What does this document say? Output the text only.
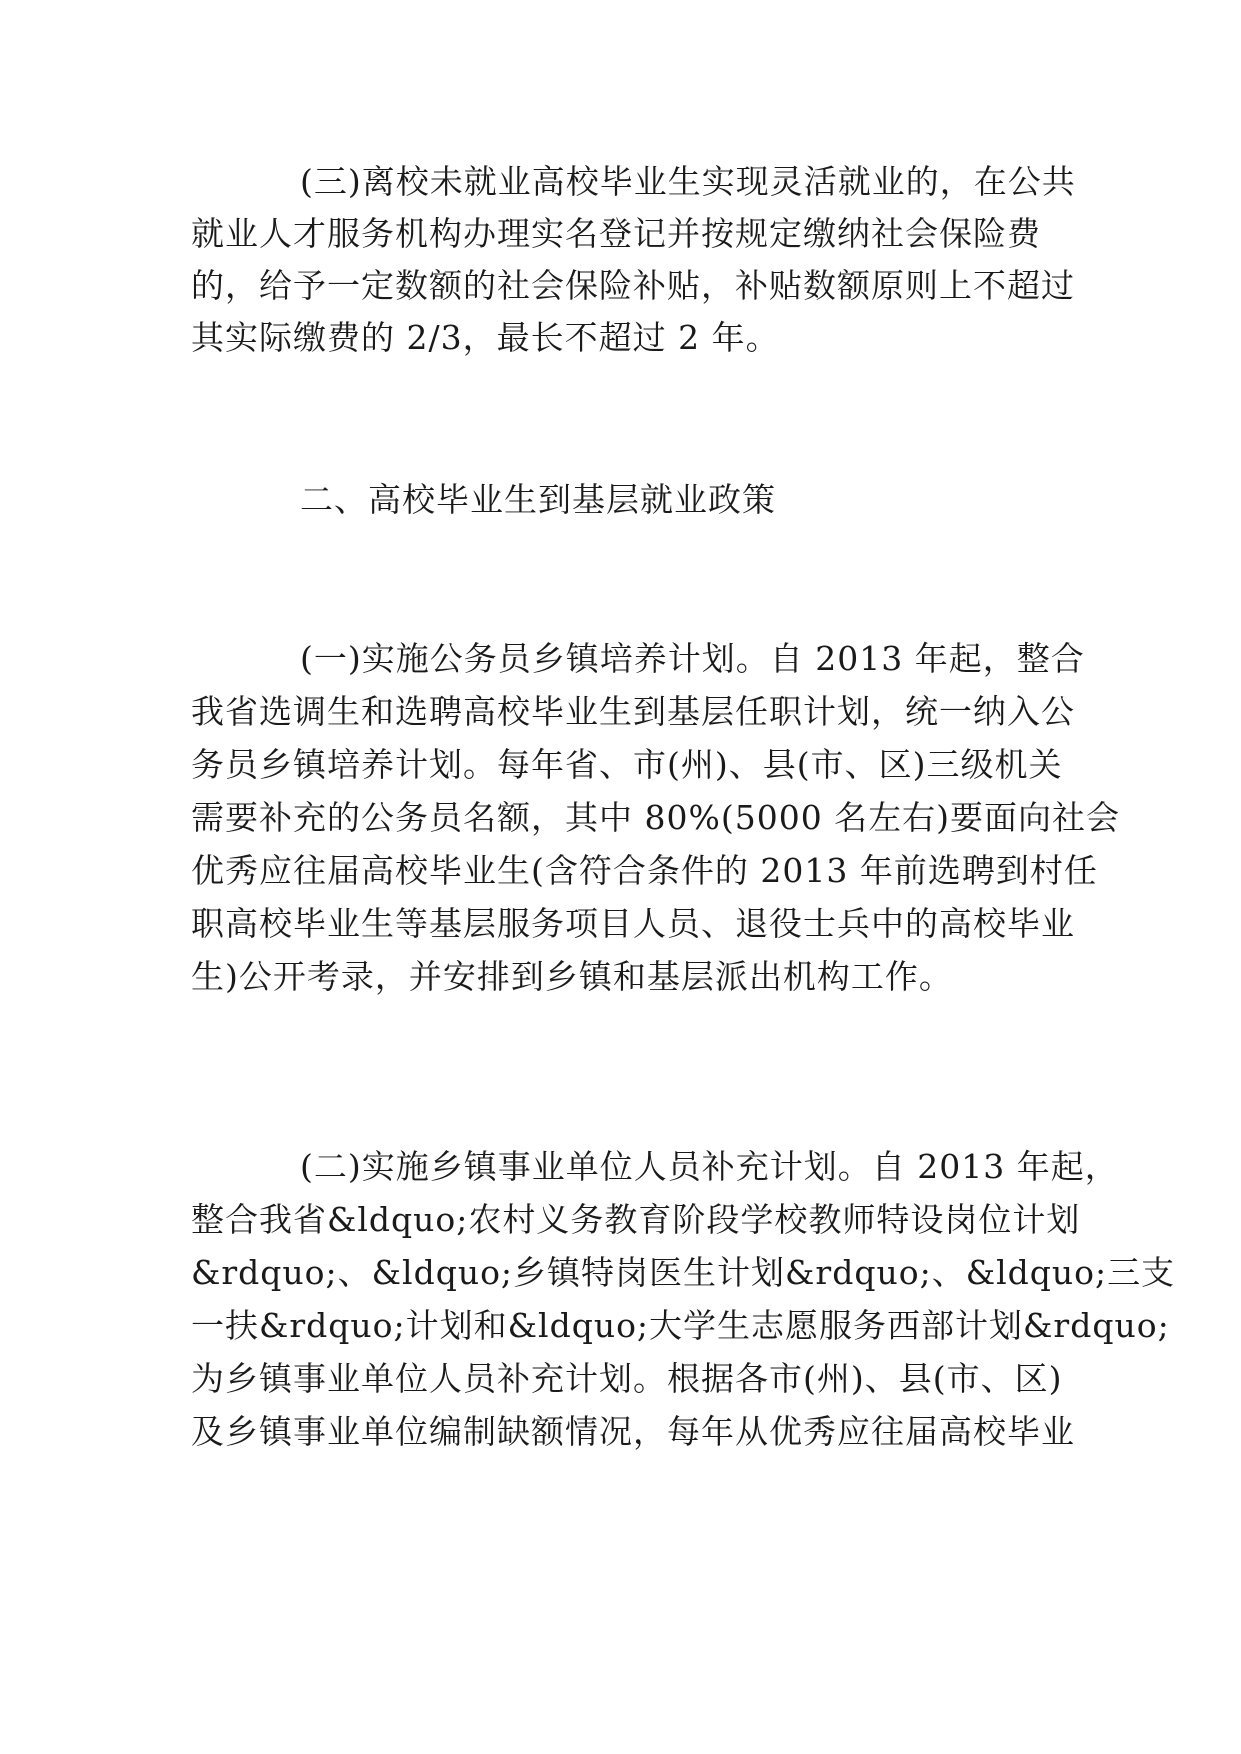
(三)离校未就业高校毕业生实现灵活就业的，在公共
就业人才服务机构办理实名登记并按规定缴纳社会保险费
的，给予一定数额的社会保险补贴，补贴数额原则上不超过
其实际缴费的 2/3，最长不超过 2 年。
二、高校毕业生到基层就业政策
(一)实施公务员乡镇培养计划。自 2013 年起，整合
我省选调生和选聘高校毕业生到基层任职计划，统一纳入公
务员乡镇培养计划。每年省、市(州)、县(市、区)三级机关
需要补充的公务员名额，其中 80%(5000 名左右)要面向社会
优秀应往届高校毕业生(含符合条件的 2013 年前选聘到村任
职高校毕业生等基层服务项目人员、退役士兵中的高校毕业
生)公开考录，并安排到乡镇和基层派出机构工作。
(二)实施乡镇事业单位人员补充计划。自 2013 年起，
整合我省&ldquo;农村义务教育阶段学校教师特设岗位计划
&rdquo;、&ldquo;乡镇特岗医生计划&rdquo;、&ldquo;三支
一扶&rdquo;计划和&ldquo;大学生志愿服务西部计划&rdquo;
为乡镇事业单位人员补充计划。根据各市(州)、县(市、区)
及乡镇事业单位编制缺额情况，每年从优秀应往届高校毕业
